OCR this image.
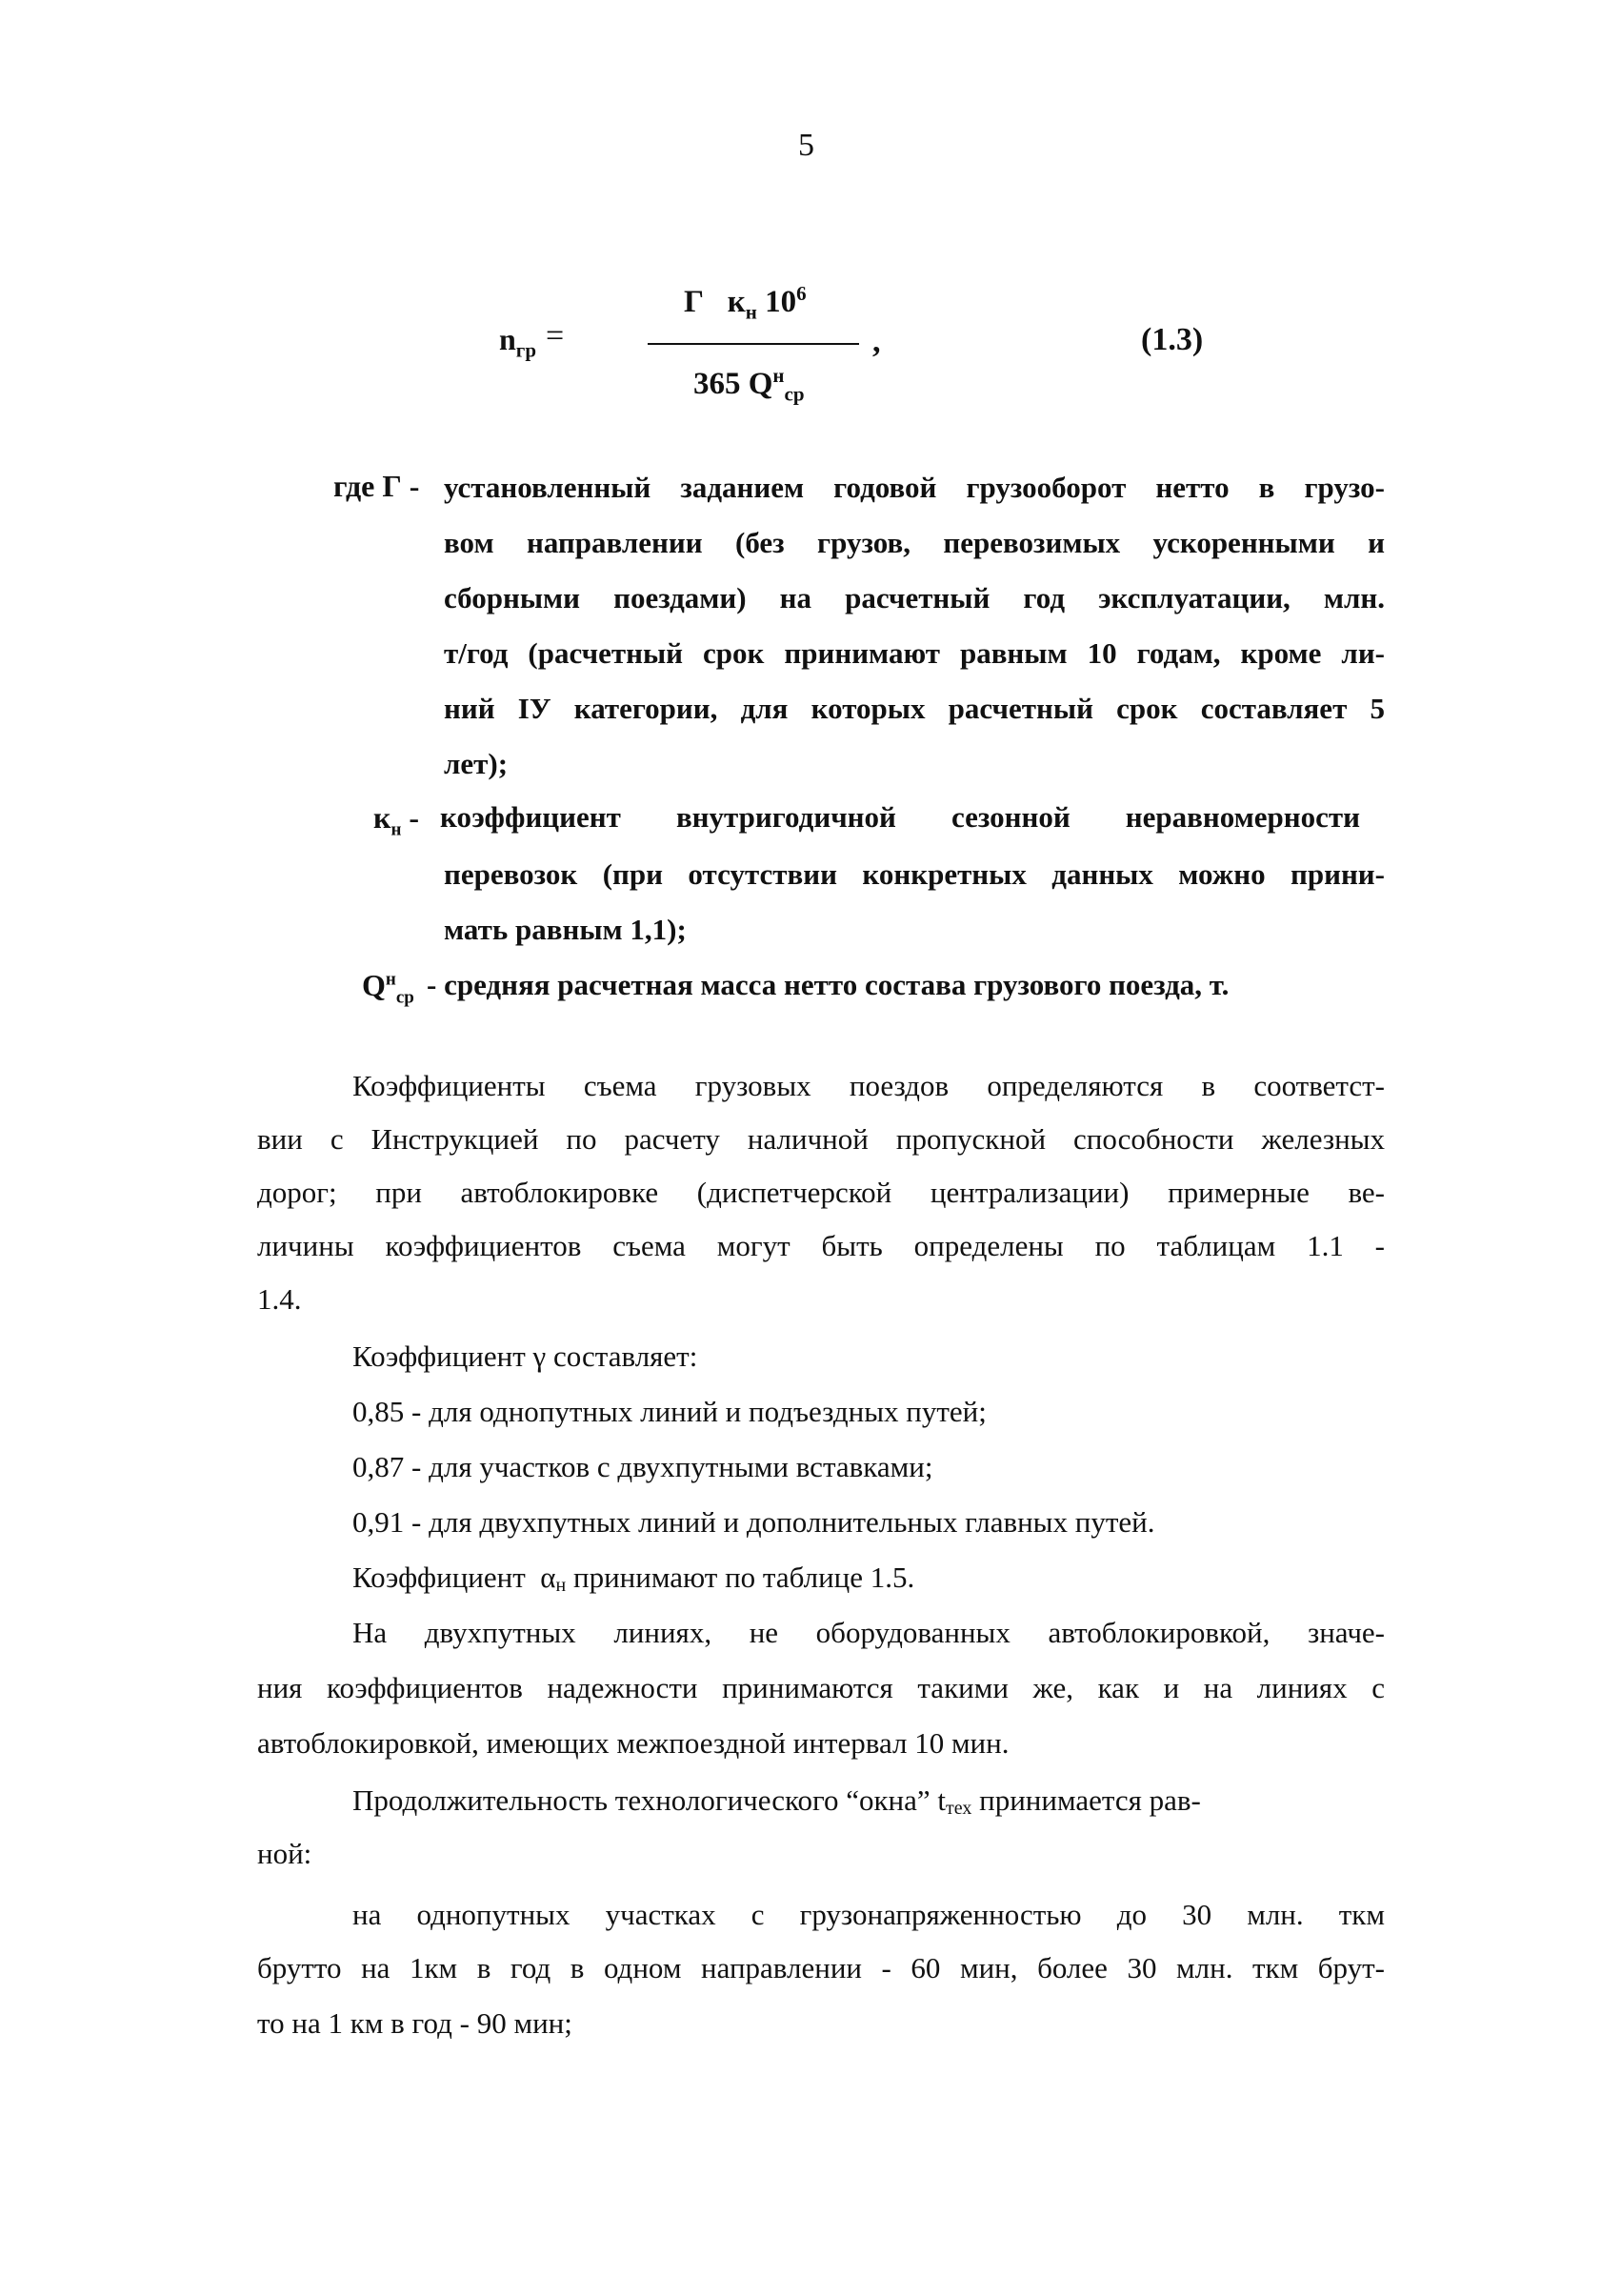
5
$n_{гр}$ =
Г $к_н$ $10^6$
,
365 $Q^н_{ср}$
(1.3)
где Г - установленный заданием годовой грузооборот нетто в грузо-
вом направлении (без грузов, перевозимых ускоренными и
сборными поездами) на расчетный год эксплуатации, млн.
т/год (расчетный срок принимают равным 10 годам, кроме ли-
ний IУ категории, для которых расчетный срок составляет 5
лет);
$к_н$ - коэффициент внутригодичной сезонной неравномерности
перевозок (при отсутствии конкретных данных можно прини-
мать равным 1,1);
$Q^н_{ср}$ - средняя расчетная масса нетто состава грузового поезда, т.
Коэффициенты съема грузовых поездов определяются в соответст-
вии с Инструкцией по расчету наличной пропускной способности железных
дорог; при автоблокировке (диспетчерской централизации) примерные ве-
личины коэффициентов съема могут быть определены по таблицам 1.1 -
1.4.
Коэффициент γ составляет:
0,85 - для однопутных линий и подъездных путей;
0,87 - для участков с двухпутными вставками;
0,91 - для двухпутных линий и дополнительных главных путей.
Коэффициент  αн принимают по таблице 1.5.
На двухпутных линиях, не оборудованных автоблокировкой, значе-
ния коэффициентов надежности принимаются такими же, как и на линиях с
автоблокировкой, имеющих межпоездной интервал 10 мин.
Продолжительность технологического “окна” tтех принимается рав-
ной:
на однопутных участках с грузонапряженностью до 30 млн. ткм
брутто на 1км в год в одном направлении - 60 мин, более 30 млн. ткм брут-
то на 1 км в год - 90 мин;
